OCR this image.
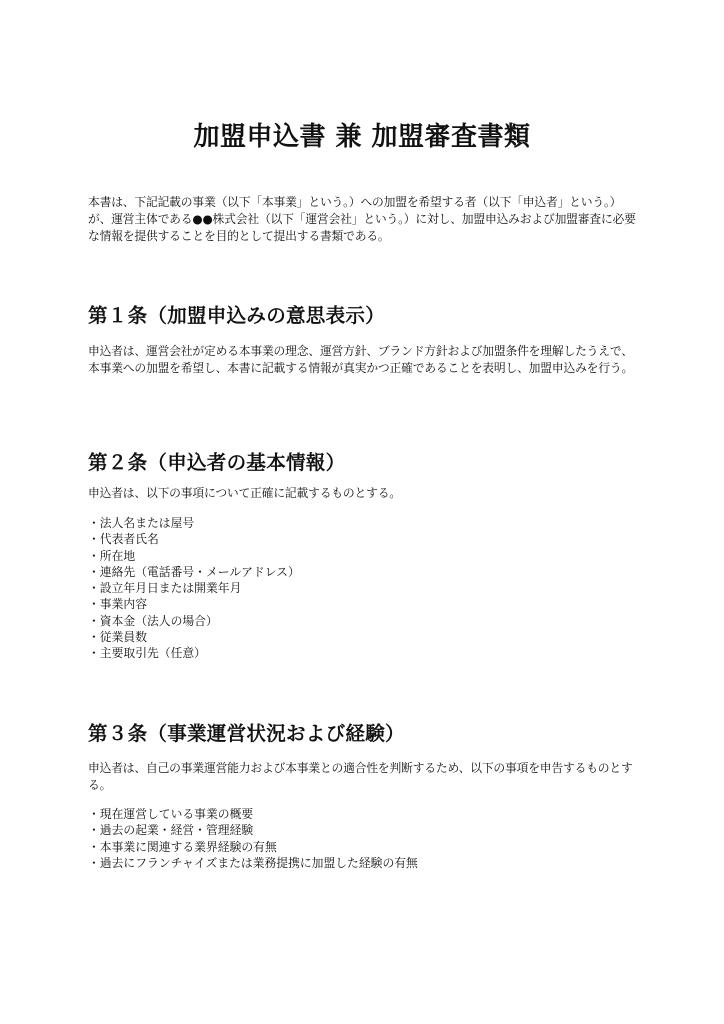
加盟申込書 兼 加盟審査書類
本書は、下記記載の事業（以下「本事業」という。）への加盟を希望する者（以下「申込者」という。）が、運営主体である●●株式会社（以下「運営会社」という。）に対し、加盟申込みおよび加盟審査に必要な情報を提供することを目的として提出する書類である。
第１条（加盟申込みの意思表示）
申込者は、運営会社が定める本事業の理念、運営方針、ブランド方針および加盟条件を理解したうえで、本事業への加盟を希望し、本書に記載する情報が真実かつ正確であることを表明し、加盟申込みを行う。
第２条（申込者の基本情報）
申込者は、以下の事項について正確に記載するものとする。
・法人名または屋号
・代表者氏名
・所在地
・連絡先（電話番号・メールアドレス）
・設立年月日または開業年月
・事業内容
・資本金（法人の場合）
・従業員数
・主要取引先（任意）
第３条（事業運営状況および経験）
申込者は、自己の事業運営能力および本事業との適合性を判断するため、以下の事項を申告するものとする。
・現在運営している事業の概要
・過去の起業・経営・管理経験
・本事業に関連する業界経験の有無
・過去にフランチャイズまたは業務提携に加盟した経験の有無
